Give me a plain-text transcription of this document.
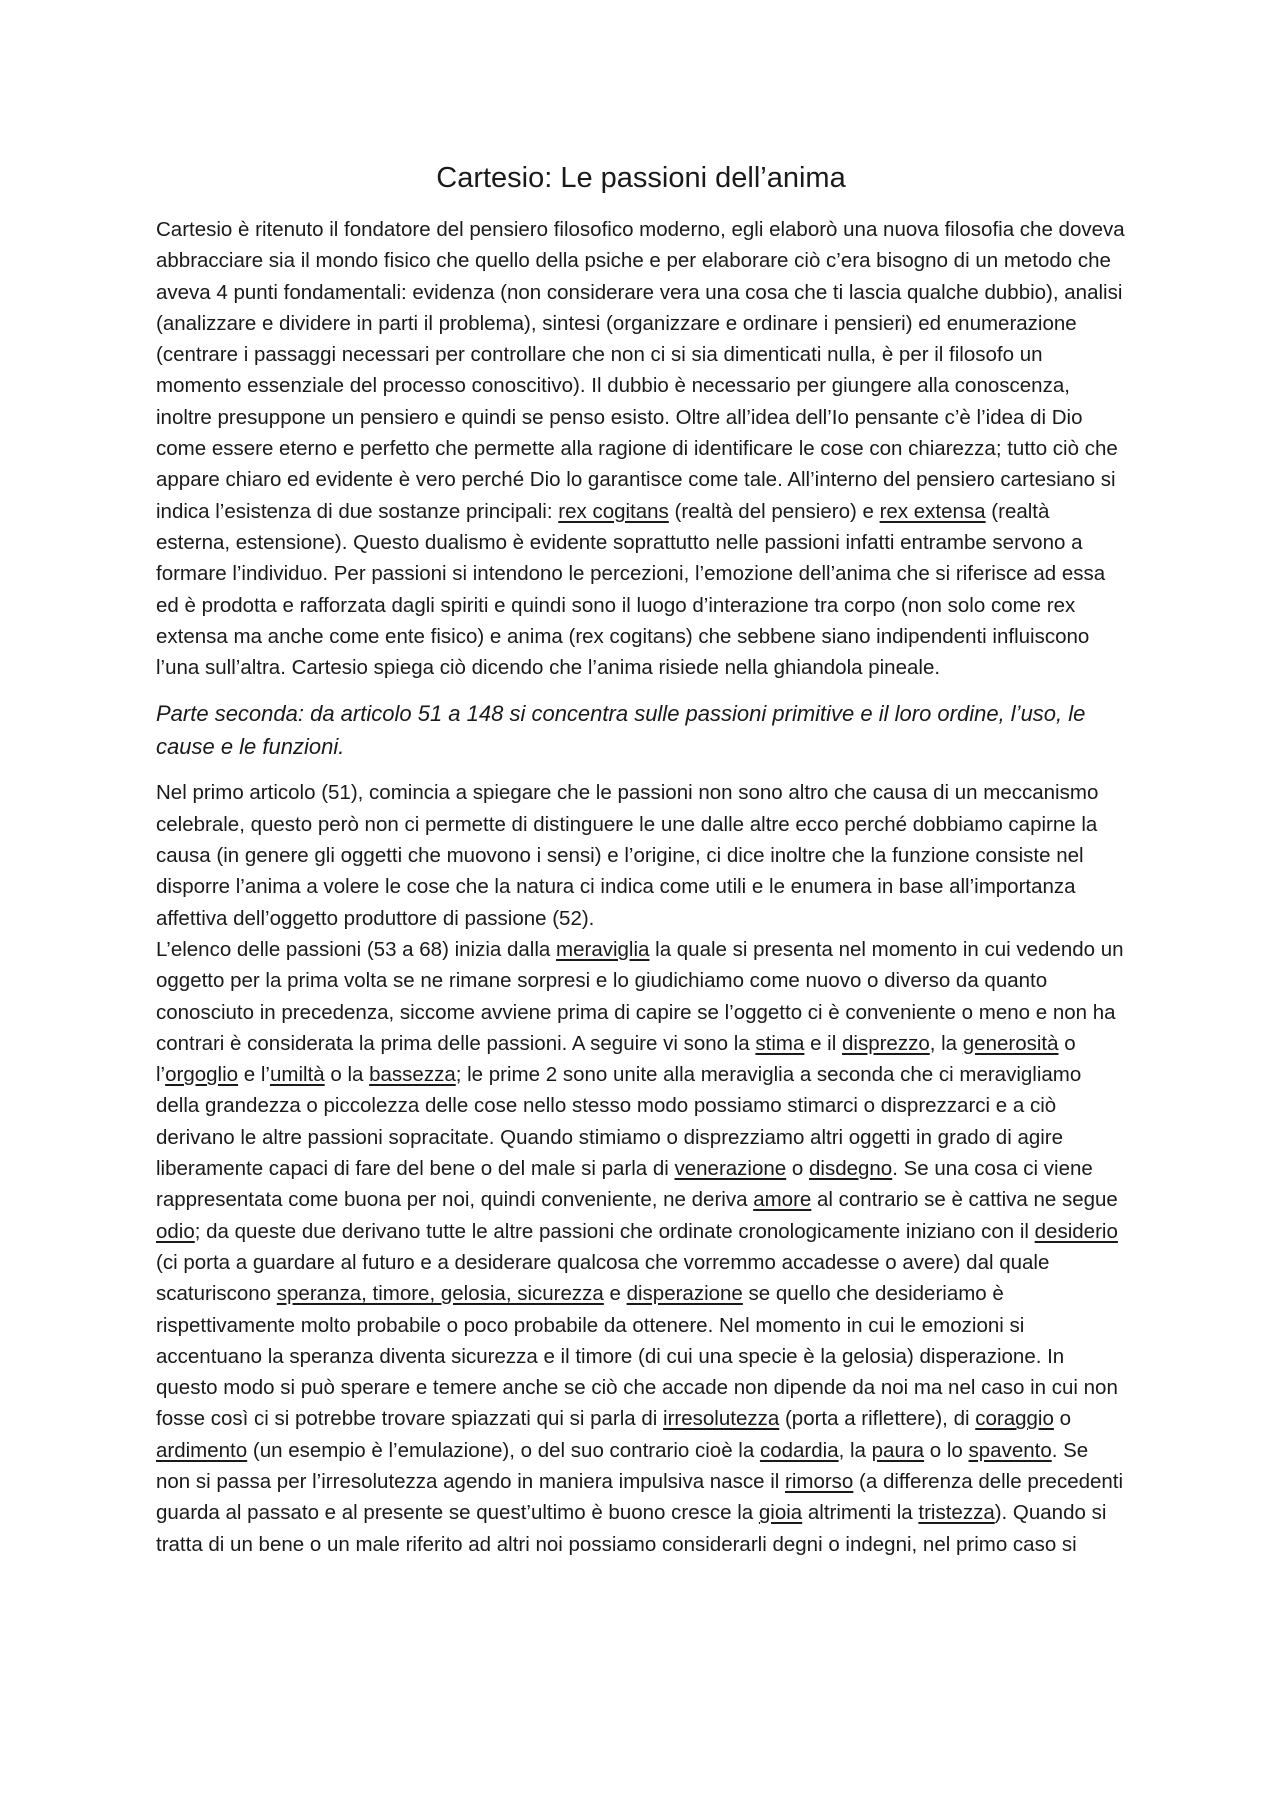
Cartesio: Le passioni dell’anima

Cartesio è ritenuto il fondatore del pensiero filosofico moderno, egli elaborò una nuova filosofia che doveva abbracciare sia il mondo fisico che quello della psiche e per elaborare ciò c’era bisogno di un metodo che aveva 4 punti fondamentali: evidenza (non considerare vera una cosa che ti lascia qualche dubbio), analisi (analizzare e dividere in parti il problema), sintesi (organizzare e ordinare i pensieri) ed enumerazione (centrare i passaggi necessari per controllare che non ci si sia dimenticati nulla, è per il filosofo un momento essenziale del processo conoscitivo). Il dubbio è necessario per giungere alla conoscenza, inoltre presuppone un pensiero e quindi se penso esisto. Oltre all’idea dell’Io pensante c’è l’idea di Dio come essere eterno e perfetto che permette alla ragione di identificare le cose con chiarezza; tutto ciò che appare chiaro ed evidente è vero perché Dio lo garantisce come tale. All’interno del pensiero cartesiano si indica l’esistenza di due sostanze principali: rex cogitans (realtà del pensiero) e rex extensa (realtà esterna, estensione). Questo dualismo è evidente soprattutto nelle passioni infatti entrambe servono a formare l’individuo. Per passioni si intendono le percezioni, l’emozione dell’anima che si riferisce ad essa ed è prodotta e rafforzata dagli spiriti e quindi sono il luogo d’interazione tra corpo (non solo come rex extensa ma anche come ente fisico) e anima (rex cogitans) che sebbene siano indipendenti influiscono l’una sull’altra. Cartesio spiega ciò dicendo che l’anima risiede nella ghiandola pineale.

Parte seconda: da articolo 51 a 148 si concentra sulle passioni primitive e il loro ordine, l’uso, le cause e le funzioni.

Nel primo articolo (51), comincia a spiegare che le passioni non sono altro che causa di un meccanismo celebrale, questo però non ci permette di distinguere le une dalle altre ecco perché dobbiamo capirne la causa (in genere gli oggetti che muovono i sensi) e l’origine, ci dice inoltre che la funzione consiste nel disporre l’anima a volere le cose che la natura ci indica come utili e le enumera in base all’importanza affettiva dell’oggetto produttore di passione (52).

L’elenco delle passioni (53 a 68) inizia dalla meraviglia la quale si presenta nel momento in cui vedendo un oggetto per la prima volta se ne rimane sorpresi e lo giudichiamo come nuovo o diverso da quanto conosciuto in precedenza, siccome avviene prima di capire se l’oggetto ci è conveniente o meno e non ha contrari è considerata la prima delle passioni. A seguire vi sono la stima e il disprezzo, la generosità o l’orgoglio e l’umiltà o la bassezza; le prime 2 sono unite alla meraviglia a seconda che ci meravigliamo della grandezza o piccolezza delle cose nello stesso modo possiamo stimarci o disprezzarci e a ciò derivano le altre passioni sopracitate. Quando stimiamo o disprezziamo altri oggetti in grado di agire liberamente capaci di fare del bene o del male si parla di venerazione o disdegno. Se una cosa ci viene rappresentata come buona per noi, quindi conveniente, ne deriva amore al contrario se è cattiva ne segue odio; da queste due derivano tutte le altre passioni che ordinate cronologicamente iniziano con il desiderio (ci porta a guardare al futuro e a desiderare qualcosa che vorremmo accadesse o avere) dal quale scaturiscono speranza, timore, gelosia, sicurezza e disperazione se quello che desideriamo è rispettivamente molto probabile o poco probabile da ottenere. Nel momento in cui le emozioni si accentuano la speranza diventa sicurezza e il timore (di cui una specie è la gelosia) disperazione. In questo modo si può sperare e temere anche se ciò che accade non dipende da noi ma nel caso in cui non fosse così ci si potrebbe trovare spiazzati qui si parla di irresolutezza (porta a riflettere), di coraggio o ardimento (un esempio è l’emulazione), o del suo contrario cioè la codardia, la paura o lo spavento. Se non si passa per l’irresolutezza agendo in maniera impulsiva nasce il rimorso (a differenza delle precedenti guarda al passato e al presente se quest’ultimo è buono cresce la gioia altrimenti la tristezza). Quando si tratta di un bene o un male riferito ad altri noi possiamo considerarli degni o indegni, nel primo caso si
